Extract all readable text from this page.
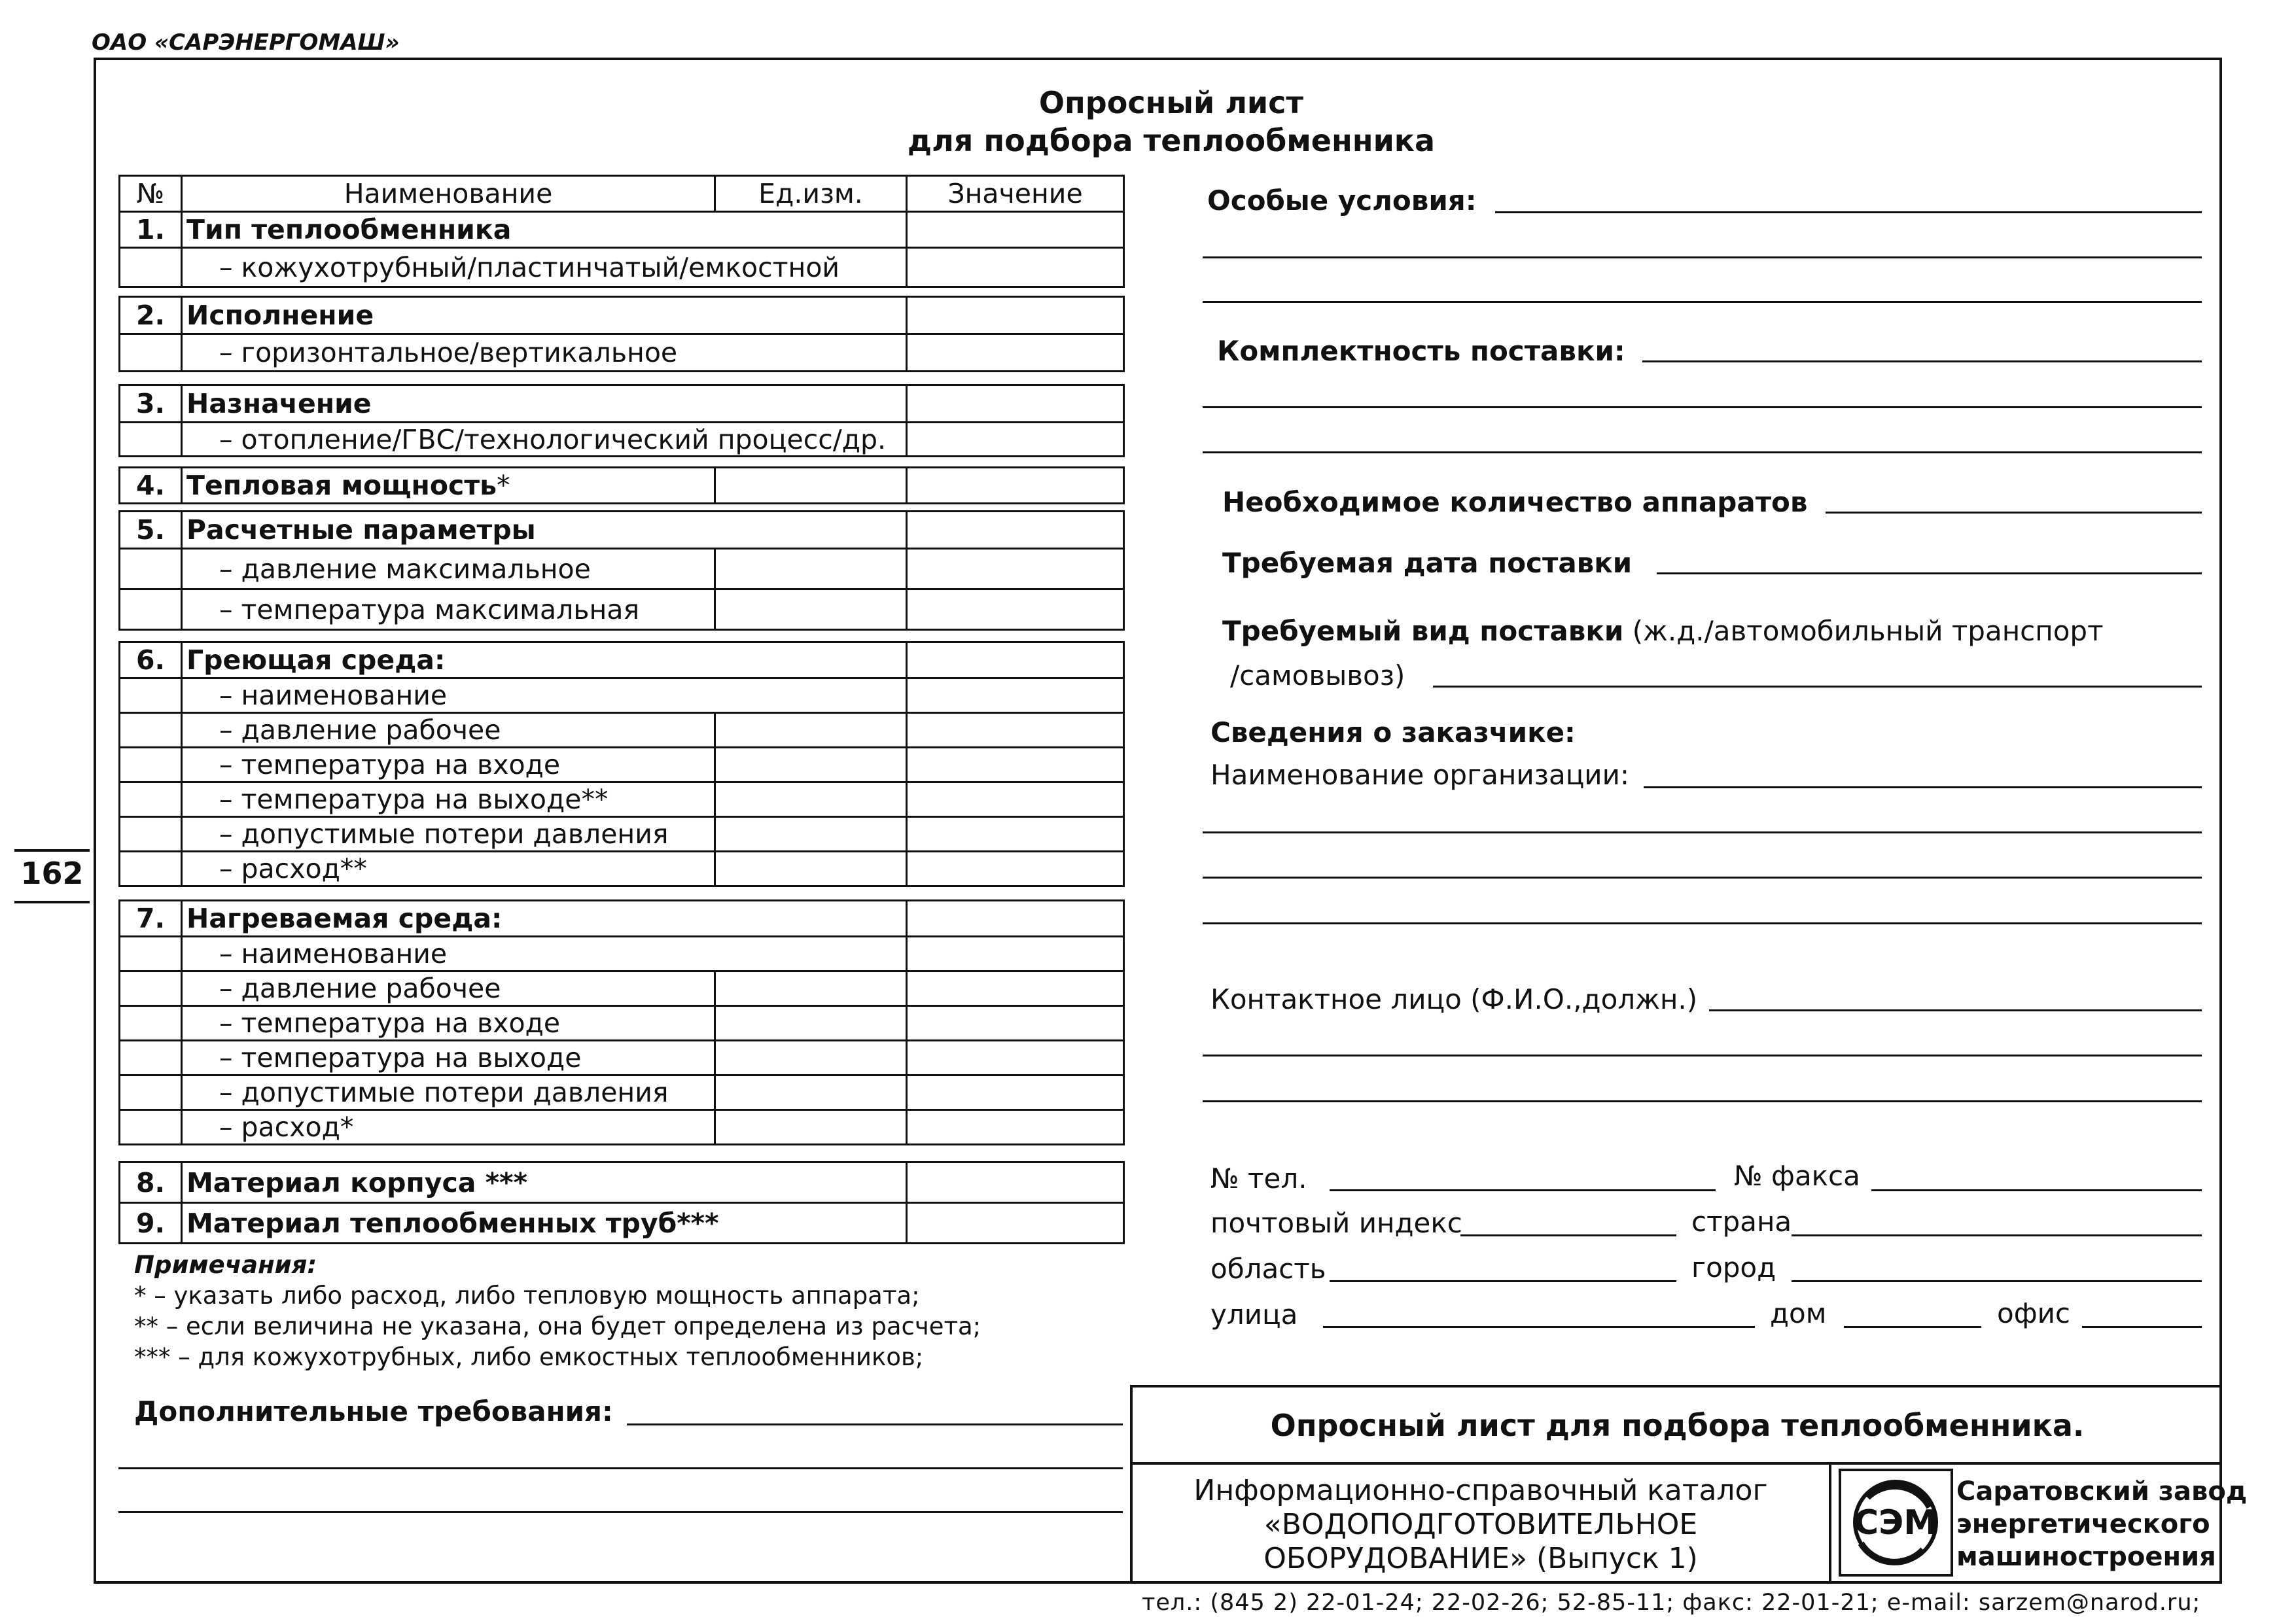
ОАО «САРЭНЕРГОМАШ»
162
Опросный лист
для подбора теплообменника
№	Наименование	Ед.изм.	Значение
1.	Тип теплообменника		
	– кожухотрубный/пластинчатый/емкостной		
2.	Исполнение	
	– горизонтальное/вертикальное	
3.	Назначение	
	– отопление/ГВС/технологический процесс/др.	
4.	Тепловая мощность*		
5.	Расчетные параметры		
	– давление максимальное		
	– температура максимальная		
6.	Греющая среда:		
	– наименование		
	– давление рабочее		
	– температура на входе		
	– температура на выходе**		
	– допустимые потери давления		
	– расход**		
7.	Нагреваемая среда:		
	– наименование		
	– давление рабочее		
	– температура на входе		
	– температура на выходе		
	– допустимые потери давления		
	– расход*		
8.	Материал корпуса ***	
9.	Материал теплообменных труб***	
Примечания:
* – указать либо расход, либо тепловую мощность аппарата;
** – если величина не указана, она будет определена из расчета;
*** – для кожухотрубных, либо емкостных теплообменников;
Дополнительные требования:
Особые условия:
Комплектность поставки:
Необходимое количество аппаратов
Требуемая дата поставки
Требуемый вид поставки (ж.д./автомобильный транспорт
/самовывоз)
Сведения о заказчике:
Наименование организации:
Контактное лицо (Ф.И.О.,должн.)
№ тел.	№ факса
почтовый индекс	страна
область	город
улица	дом	офис
Опросный лист для подбора теплообменника.
Информационно-справочный каталог
«ВОДОПОДГОТОВИТЕЛЬНОЕ
ОБОРУДОВАНИЕ» (Выпуск 1)
СЭМ
Саратовский завод
энергетического
машиностроения
тел.: (845 2) 22-01-24; 22-02-26; 52-85-11; факс: 22-01-21; e-mail: sarzem@narod.ru;
